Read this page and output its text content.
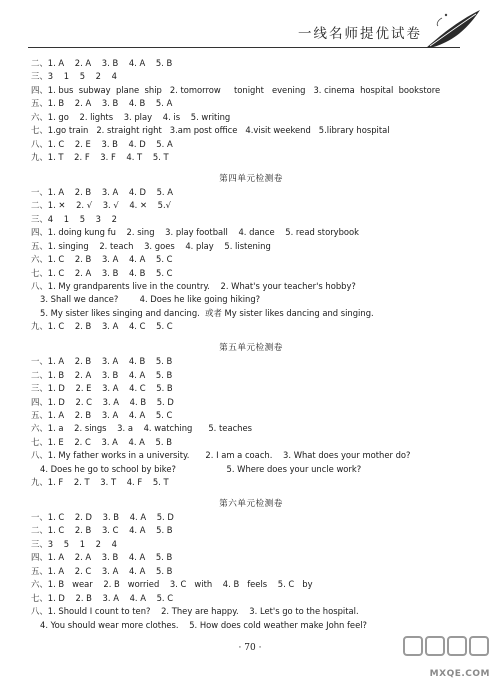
一线名师提优试卷
二、1. A    2. A    3. B    4. A    5. B
三、3    1    5    2    4
四、1. bus  subway  plane  ship   2. tomorrow     tonight   evening   3. cinema  hospital  bookstore
五、1. B    2. A    3. B    4. B    5. A
六、1. go    2. lights    3. play    4. is    5. writing
七、1.go train   2. straight right   3.am post office   4.visit weekend   5.library hospital
八、1. C    2. E    3. B    4. D    5. A
九、1. T    2. F    3. F    4. T    5. T
第四单元检测卷
一、1. A    2. B    3. A    4. D    5. A
二、1. ✕    2. √    3. √    4. ✕    5.√
三、4    1    5    3    2
四、1. doing kung fu    2. sing    3. play football    4. dance    5. read storybook
五、1. singing    2. teach    3. goes    4. play    5. listening
六、1. C    2. B    3. A    4. A    5. C
七、1. C    2. A    3. B    4. B    5. C
八、1. My grandparents live in the country.    2. What's your teacher's hobby?
3. Shall we dance?        4. Does he like going hiking?
5. My sister likes singing and dancing.  或者 My sister likes dancing and singing.
九、1. C    2. B    3. A    4. C    5. C
第五单元检测卷
一、1. A    2. B    3. A    4. B    5. B
二、1. B    2. A    3. B    4. A    5. B
三、1. D    2. E    3. A    4. C    5. B
四、1. D    2. C    3. A    4. B    5. D
五、1. A    2. B    3. A    4. A    5. C
六、1. a    2. sings    3. a    4. watching      5. teaches
七、1. E    2. C    3. A    4. A    5. B
八、1. My father works in a university.      2. I am a coach.    3. What does your mother do?
4. Does he go to school by bike?                   5. Where does your uncle work?
九、1. F    2. T    3. T    4. F    5. T
第六单元检测卷
一、1. C    2. D    3. B    4. A    5. D
二、1. C    2. B    3. C    4. A    5. B
三、3    5    1    2    4
四、1. A    2. A    3. B    4. A    5. B
五、1. A    2. C    3. A    4. A    5. B
六、1. B   wear    2. B   worried    3. C   with    4. B   feels    5. C   by
七、1. D    2. B    3. A    4. A    5. C
八、1. Should I count to ten?    2. They are happy.    3. Let's go to the hospital.
4. You should wear more clothes.    5. How does cold weather make John feel?
· 70 ·
MXQE.COM
